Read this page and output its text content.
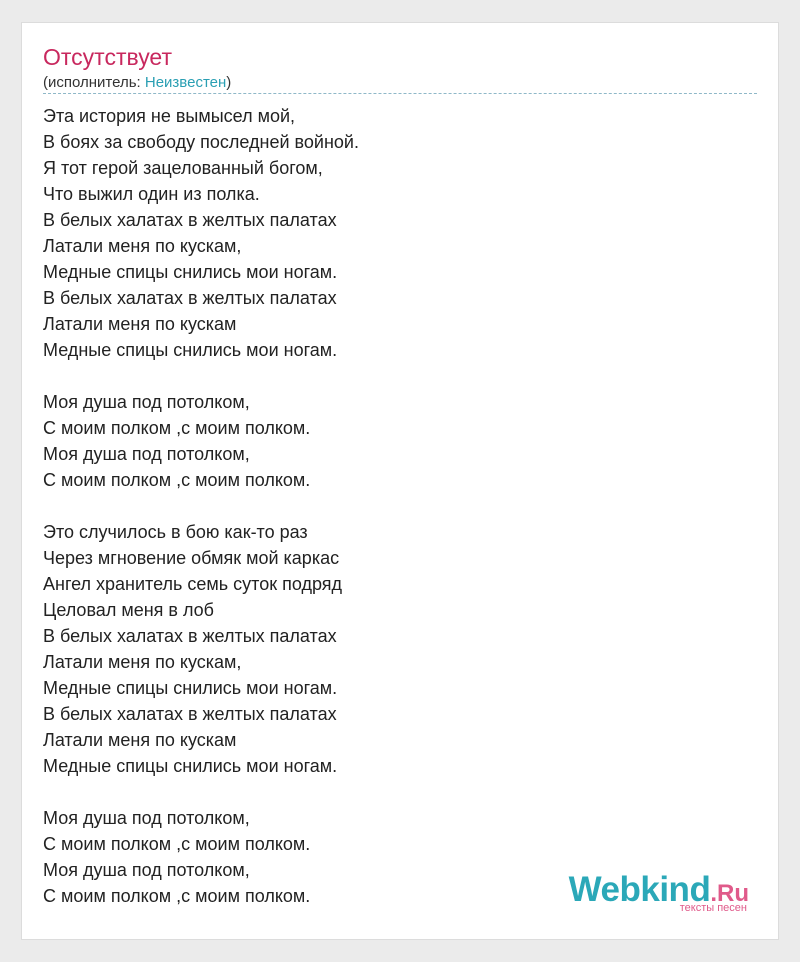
Отсутствует
(исполнитель: Неизвестен)
Эта история не вымысел мой,
В боях за свободу последней войной.
Я тот герой зацелованный богом,
Что выжил один из полка.
В белых халатах в желтых палатах
Латали меня по кускам,
Медные спицы снились мои ногам.
В белых халатах в желтых палатах
Латали меня по кускам
Медные спицы снились мои ногам.
Моя душа под потолком,
С моим полком ,с моим полком.
Моя душа под потолком,
С моим полком ,с моим полком.
Это случилось в бою как-то раз
Через мгновение обмяк мой каркас
Ангел хранитель семь суток подряд
Целовал меня в лоб
В белых халатах в желтых палатах
Латали меня по кускам,
Медные спицы снились мои ногам.
В белых халатах в желтых палатах
Латали меня по кускам
Медные спицы снились мои ногам.
Моя душа под потолком,
С моим полком ,с моим полком.
Моя душа под потолком,
С моим полком ,с моим полком.	Webkind.Ru
тексты песен
